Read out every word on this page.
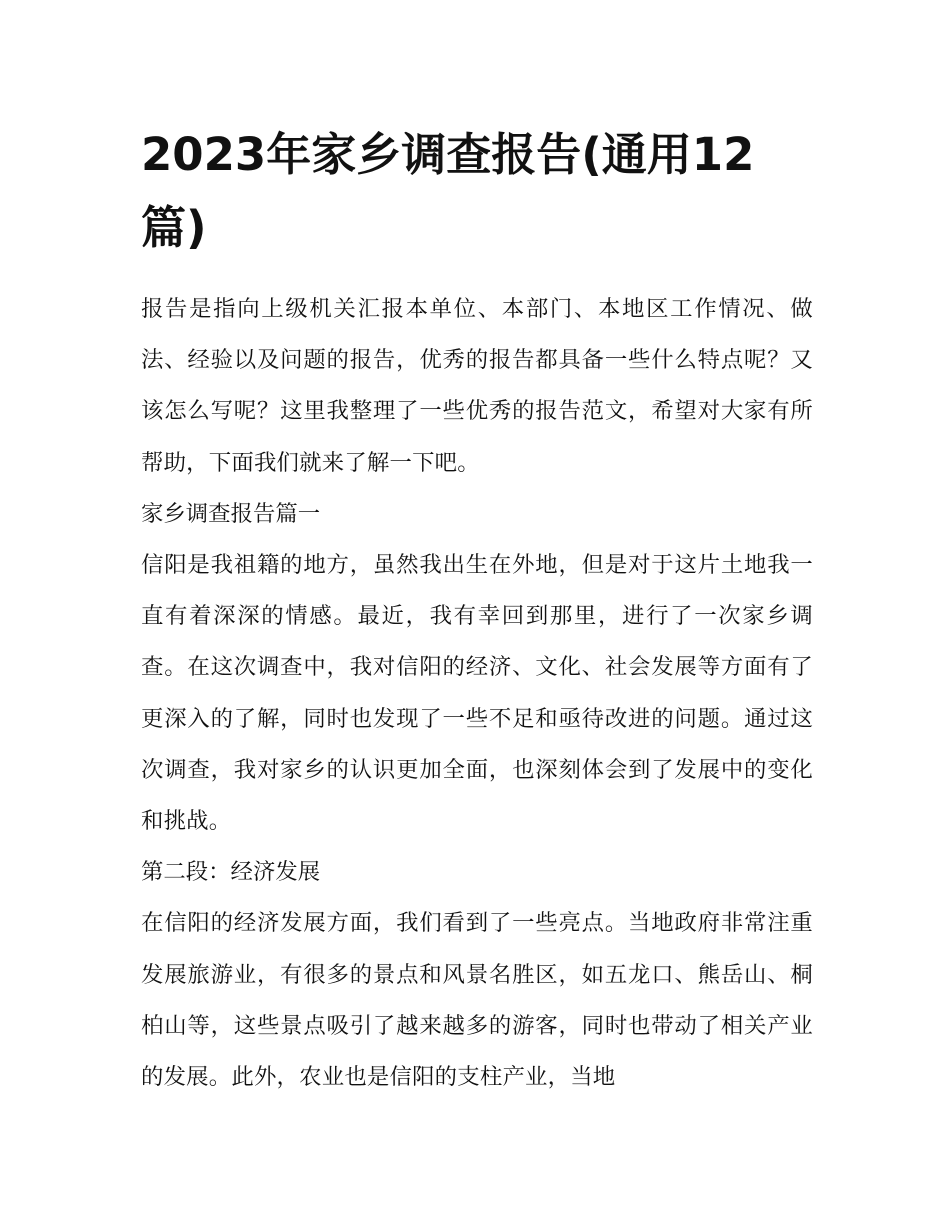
2023年家乡调查报告(通用12篇)

报告是指向上级机关汇报本单位、本部门、本地区工作情况、做法、经验以及问题的报告，优秀的报告都具备一些什么特点呢？又该怎么写呢？这里我整理了一些优秀的报告范文，希望对大家有所帮助，下面我们就来了解一下吧。

家乡调查报告篇一

信阳是我祖籍的地方，虽然我出生在外地，但是对于这片土地我一直有着深深的情感。最近，我有幸回到那里，进行了一次家乡调查。在这次调查中，我对信阳的经济、文化、社会发展等方面有了更深入的了解，同时也发现了一些不足和亟待改进的问题。通过这次调查，我对家乡的认识更加全面，也深刻体会到了发展中的变化和挑战。

第二段：经济发展

在信阳的经济发展方面，我们看到了一些亮点。当地政府非常注重发展旅游业，有很多的景点和风景名胜区，如五龙口、熊岳山、桐柏山等，这些景点吸引了越来越多的游客，同时也带动了相关产业的发展。此外，农业也是信阳的支柱产业，当地
